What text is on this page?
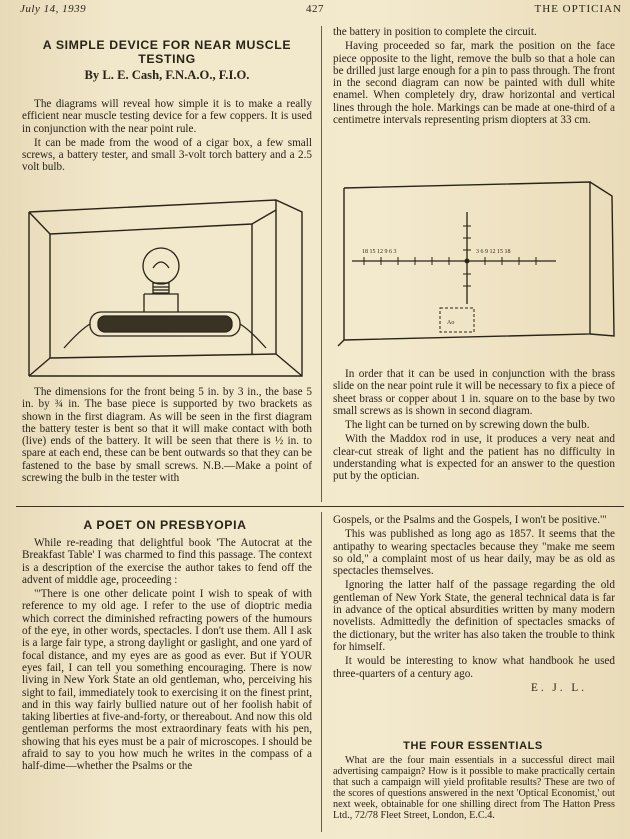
July 14, 1939	427	THE OPTICIAN
A SIMPLE DEVICE FOR NEAR MUSCLE TESTING
By L. E. Cash, F.N.A.O., F.I.O.

The diagrams will reveal how simple it is to make a really efficient near muscle testing device for a few coppers. It is used in conjunction with the near point rule.

It can be made from the wood of a cigar box, a few small screws, a battery tester, and small 3-volt torch battery and a 2.5 volt bulb.

The dimensions for the front being 5 in. by 3 in., the base 5 in. by ¾ in. The base piece is supported by two brackets as shown in the first diagram. As will be seen in the first diagram the battery tester is bent so that it will make contact with both (live) ends of the battery. It will be seen that there is ½ in. to spare at each end, these can be bent outwards so that they can be fastened to the base by small screws. N.B.—Make a point of screwing the bulb in the tester with

the battery in position to complete the circuit.

Having proceeded so far, mark the position on the face piece opposite to the light, remove the bulb so that a hole can be drilled just large enough for a pin to pass through. The front in the second diagram can now be painted with dull white enamel. When completely dry, draw horizontal and vertical lines through the hole. Markings can be made at one-third of a centimetre intervals representing prism diopters at 33 cm.

18 15 12 9 6 3	3 6 9 12 15 18
Ao

In order that it can be used in conjunction with the brass slide on the near point rule it will be necessary to fix a piece of sheet brass or copper about 1 in. square on to the base by two small screws as is shown in second diagram.

The light can be turned on by screwing down the bulb.

With the Maddox rod in use, it produces a very neat and clear-cut streak of light and the patient has no difficulty in understanding what is expected for an answer to the question put by the optician.

A POET ON PRESBYOPIA

While re-reading that delightful book 'The Autocrat at the Breakfast Table' I was charmed to find this passage. The context is a description of the exercise the author takes to fend off the advent of middle age, proceeding :

"'There is one other delicate point I wish to speak of with reference to my old age. I refer to the use of dioptric media which correct the diminished refracting powers of the humours of the eye, in other words, spectacles. I don't use them. All I ask is a large fair type, a strong daylight or gaslight, and one yard of focal distance, and my eyes are as good as ever. But if YOUR eyes fail, I can tell you something encouraging. There is now living in New York State an old gentleman, who, perceiving his sight to fail, immediately took to exercising it on the finest print, and in this way fairly bullied nature out of her foolish habit of taking liberties at five-and-forty, or thereabout. And now this old gentleman performs the most extraordinary feats with his pen, showing that his eyes must be a pair of microscopes. I should be afraid to say to you how much he writes in the compass of a half-dime—whether the Psalms or the

Gospels, or the Psalms and the Gospels, I won't be positive.'"

This was published as long ago as 1857. It seems that the antipathy to wearing spectacles because they "make me seem so old," a complaint most of us hear daily, may be as old as spectacles themselves.

Ignoring the latter half of the passage regarding the old gentleman of New York State, the general technical data is far in advance of the optical absurdities written by many modern novelists. Admittedly the definition of spectacles smacks of the dictionary, but the writer has also taken the trouble to think for himself.

It would be interesting to know what handbook he used three-quarters of a century ago.

E. J. L.

THE FOUR ESSENTIALS

What are the four main essentials in a successful direct mail advertising campaign? How is it possible to make practically certain that such a campaign will yield profitable results? These are two of the scores of questions answered in the next 'Optical Economist,' out next week, obtainable for one shilling direct from The Hatton Press Ltd., 72/78 Fleet Street, London, E.C.4.
